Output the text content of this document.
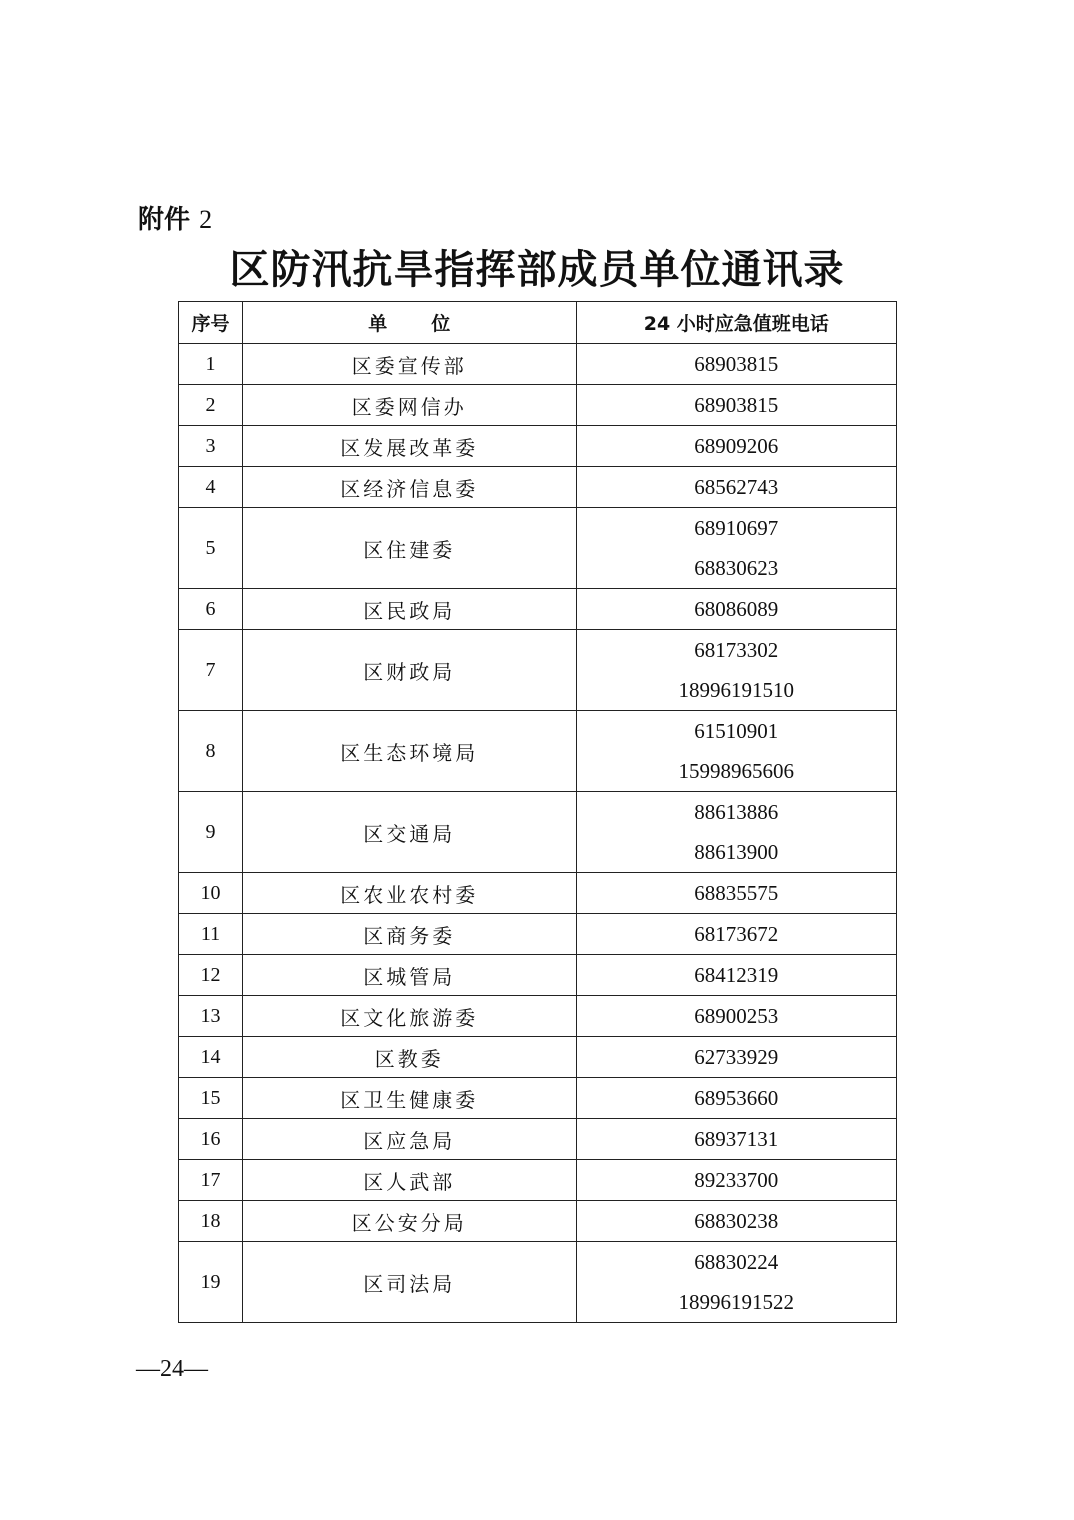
附件 2
区防汛抗旱指挥部成员单位通讯录
序号	单 位	24 小时应急值班电话
1	区委宣传部	68903815

2	区委网信办	68903815

3	区发展改革委	68909206

4	区经济信息委	68562743

5	区住建委	68910697
68830623

6	区民政局	68086089

7	区财政局	68173302
18996191510

8	区生态环境局	61510901
15998965606

9	区交通局	88613886
88613900

10	区农业农村委	68835575

11	区商务委	68173672

12	区城管局	68412319

13	区文化旅游委	68900253

14	区教委	62733929

15	区卫生健康委	68953660

16	区应急局	68937131

17	区人武部	89233700

18	区公安分局	68830238

19	区司法局	68830224
18996191522
—24—
